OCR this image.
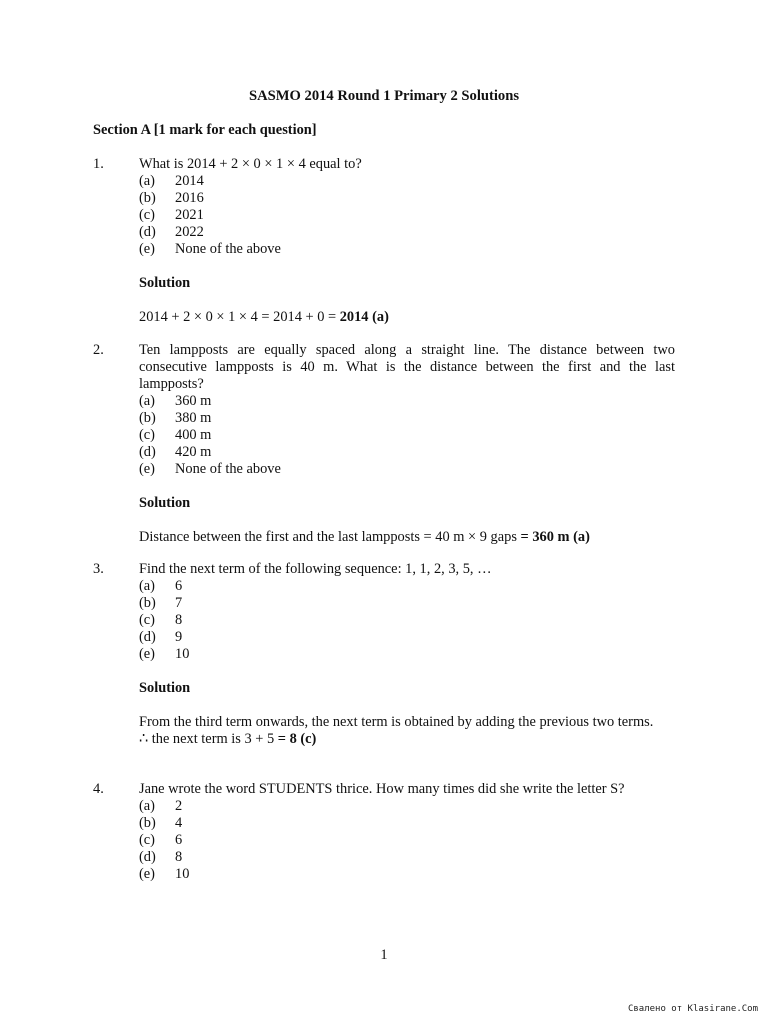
SASMO 2014 Round 1 Primary 2 Solutions
Section A [1 mark for each question]
1. What is 2014 + 2 × 0 × 1 × 4 equal to?
(a) 2014
(b) 2016
(c) 2021
(d) 2022
(e) None of the above
Solution
2014 + 2 × 0 × 1 × 4 = 2014 + 0 = 2014 (a)
2. Ten lampposts are equally spaced along a straight line. The distance between two consecutive lampposts is 40 m. What is the distance between the first and the last lampposts?
(a) 360 m
(b) 380 m
(c) 400 m
(d) 420 m
(e) None of the above
Solution
Distance between the first and the last lampposts = 40 m × 9 gaps = 360 m (a)
3. Find the next term of the following sequence: 1, 1, 2, 3, 5, …
(a) 6
(b) 7
(c) 8
(d) 9
(e) 10
Solution
From the third term onwards, the next term is obtained by adding the previous two terms.
∴ the next term is 3 + 5 = 8 (c)
4. Jane wrote the word STUDENTS thrice. How many times did she write the letter S?
(a) 2
(b) 4
(c) 6
(d) 8
(e) 10
1
Свалено от Klasirane.Com
